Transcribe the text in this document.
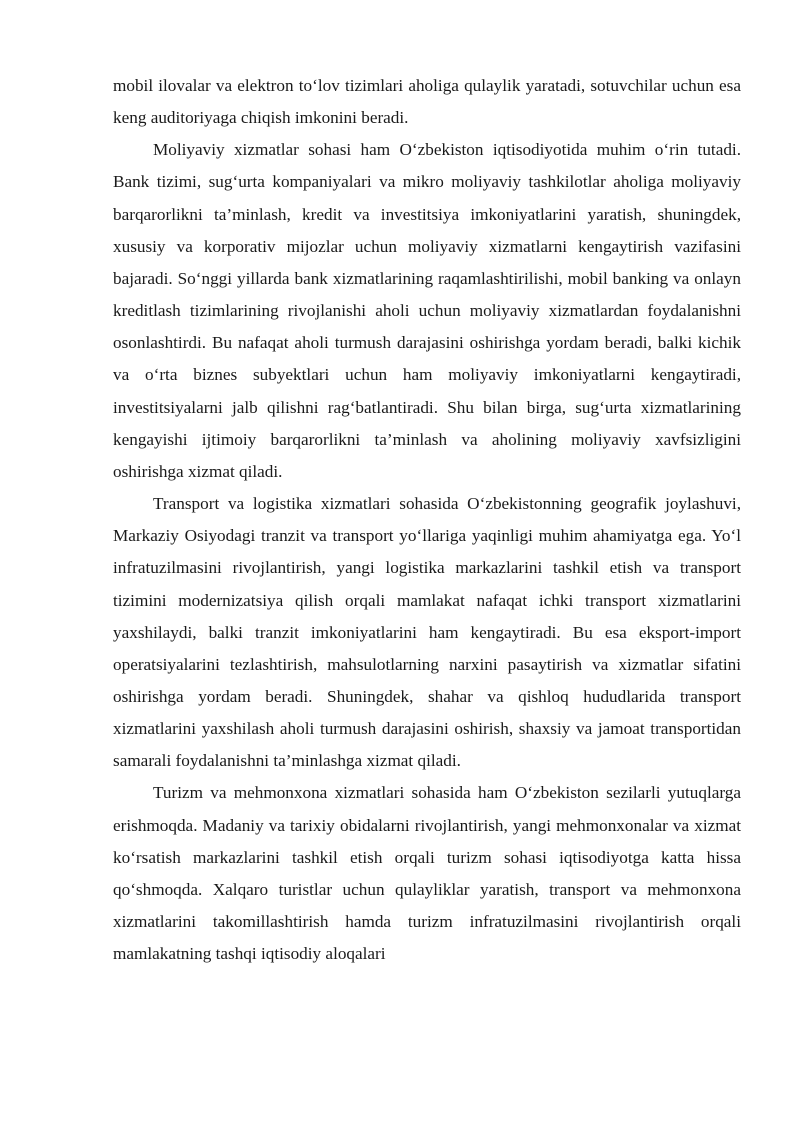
mobil ilovalar va elektron to‘lov tizimlari aholiga qulaylik yaratadi, sotuvchilar uchun esa keng auditoriyaga chiqish imkonini beradi.

Moliyaviy xizmatlar sohasi ham O‘zbekiston iqtisodiyotida muhim o‘rin tutadi. Bank tizimi, sug‘urta kompaniyalari va mikro moliyaviy tashkilotlar aholiga moliyaviy barqarorlikni ta’minlash, kredit va investitsiya imkoniyatlarini yaratish, shuningdek, xususiy va korporativ mijozlar uchun moliyaviy xizmatlarni kengaytirish vazifasini bajaradi. So‘nggi yillarda bank xizmatlarining raqamlashtirilishi, mobil banking va onlayn kreditlash tizimlarining rivojlanishi aholi uchun moliyaviy xizmatlardan foydalanishni osonlashtirdi. Bu nafaqat aholi turmush darajasini oshirishga yordam beradi, balki kichik va o‘rta biznes subyektlari uchun ham moliyaviy imkoniyatlarni kengaytiradi, investitsiyalarni jalb qilishni rag‘batlantiradi. Shu bilan birga, sug‘urta xizmatlarining kengayishi ijtimoiy barqarorlikni ta’minlash va aholining moliyaviy xavfsizligini oshirishga xizmat qiladi.

Transport va logistika xizmatlari sohasida O‘zbekistonning geografik joylashuvi, Markaziy Osiyodagi tranzit va transport yo‘llariga yaqinligi muhim ahamiyatga ega. Yo‘l infratuzilmasini rivojlantirish, yangi logistika markazlarini tashkil etish va transport tizimini modernizatsiya qilish orqali mamlakat nafaqat ichki transport xizmatlarini yaxshilaydi, balki tranzit imkoniyatlarini ham kengaytiradi. Bu esa eksport-import operatsiyalarini tezlashtirish, mahsulotlarning narxini pasaytirish va xizmatlar sifatini oshirishga yordam beradi. Shuningdek, shahar va qishloq hududlarida transport xizmatlarini yaxshilash aholi turmush darajasini oshirish, shaxsiy va jamoat transportidan samarali foydalanishni ta’minlashga xizmat qiladi.

Turizm va mehmonxona xizmatlari sohasida ham O‘zbekiston sezilarli yutuqlarga erishmoqda. Madaniy va tarixiy obidalarni rivojlantirish, yangi mehmonxonalar va xizmat ko‘rsatish markazlarini tashkil etish orqali turizm sohasi iqtisodiyotga katta hissa qo‘shmoqda. Xalqaro turistlar uchun qulayliklar yaratish, transport va mehmonxona xizmatlarini takomillashtirish hamda turizm infratuzilmasini rivojlantirish orqali mamlakatning tashqi iqtisodiy aloqalari
